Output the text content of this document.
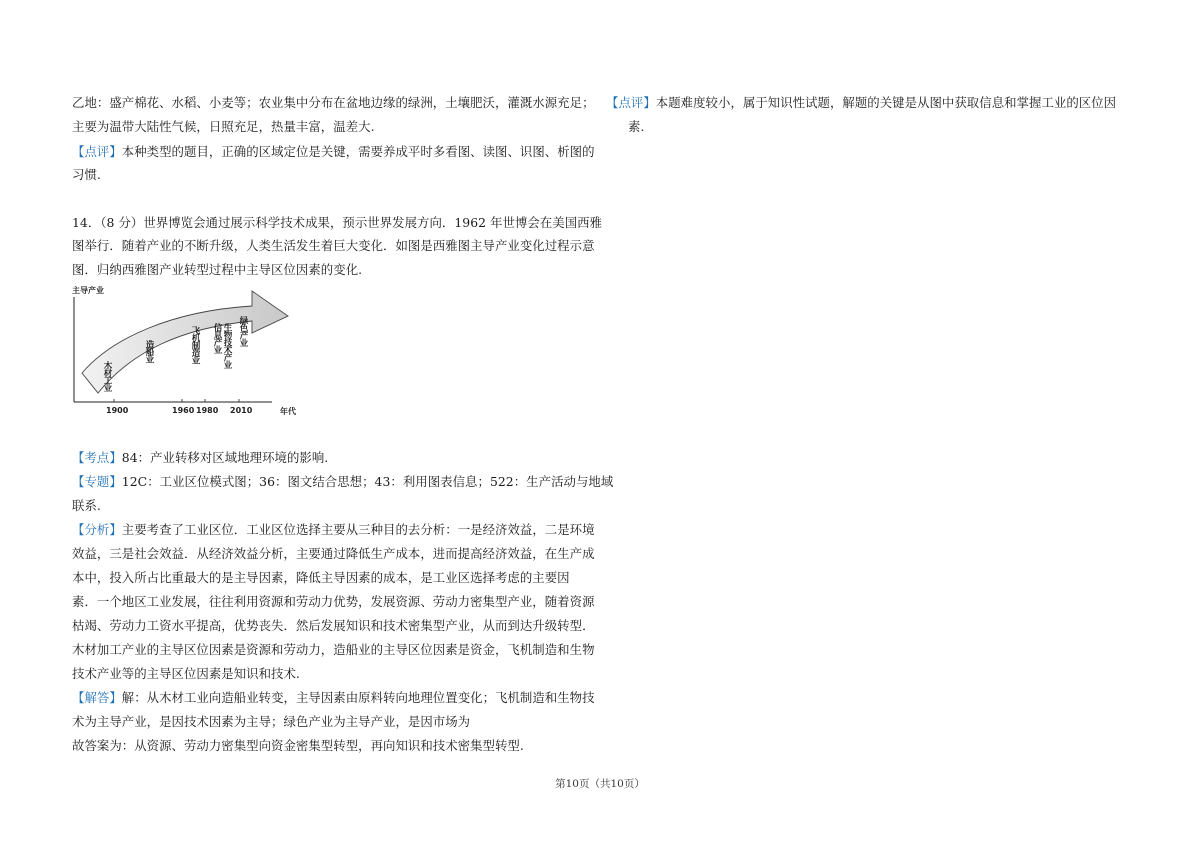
乙地：盛产棉花、水稻、小麦等；农业集中分布在盆地边缘的绿洲，土壤肥沃，灌溉水源充足；
主要为温带大陆性气候，日照充足，热量丰富，温差大.
【点评】本种类型的题目，正确的区域定位是关键，需要养成平时多看图、读图、识图、析图的
习惯.
14．（8 分）世界博览会通过展示科学技术成果，预示世界发展方向．1962 年世博会在美国西雅
图举行．随着产业的不断升级，人类生活发生着巨大变化．如图是西雅图主导产业变化过程示意
图．归纳西雅图产业转型过程中主导区位因素的变化.
主导产业
年代
1900	1960 1980 2010
木材工业
造船业	飞机制造业 信息产业 生物技术产业 绿色产业
【考点】84：产业转移对区域地理环境的影响.
【专题】12C：工业区位模式图；36：图文结合思想；43：利用图表信息；522：生产活动与地域
联系.
【分析】主要考查了工业区位．工业区位选择主要从三种目的去分析：一是经济效益，二是环境
效益，三是社会效益．从经济效益分析，主要通过降低生产成本，进而提高经济效益，在生产成
本中，投入所占比重最大的是主导因素，降低主导因素的成本，是工业区选择考虑的主要因
素．一个地区工业发展，往往利用资源和劳动力优势，发展资源、劳动力密集型产业，随着资源
枯竭、劳动力工资水平提高，优势丧失．然后发展知识和技术密集型产业，从而到达升级转型．
木材加工产业的主导区位因素是资源和劳动力，造船业的主导区位因素是资金，飞机制造和生物
技术产业等的主导区位因素是知识和技术.
【解答】解：从木材工业向造船业转变，主导因素由原料转向地理位置变化；飞机制造和生物技
术为主导产业，是因技术因素为主导；绿色产业为主导产业，是因市场为
故答案为：从资源、劳动力密集型向资金密集型转型，再向知识和技术密集型转型.
【点评】本题难度较小，属于知识性试题，解题的关键是从图中获取信息和掌握工业的区位因
素.
第10页（共10页）
